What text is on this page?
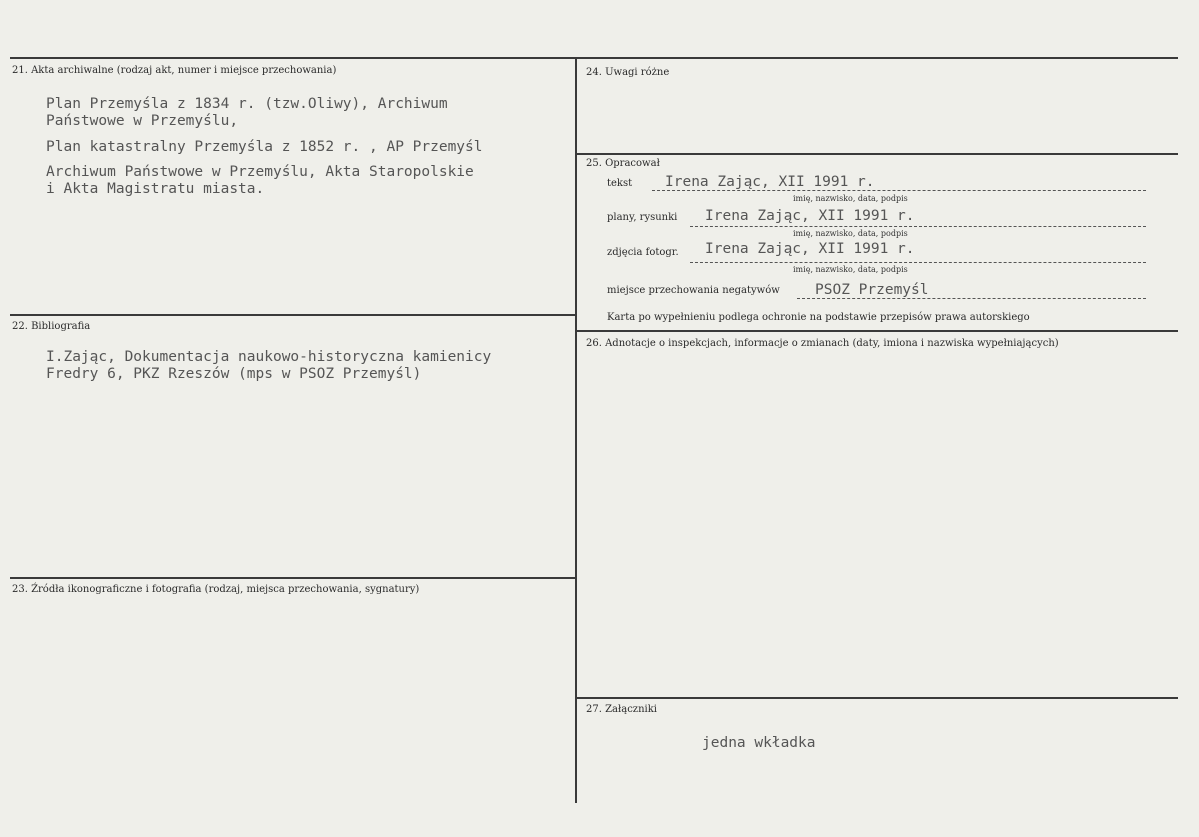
21. Akta archiwalne (rodzaj akt, numer i miejsce przechowania)
Plan Przemyśla z 1834 r. (tzw.Oliwy), Archiwum
Państwowe w Przemyślu,
Plan katastralny Przemyśla z 1852 r. , AP Przemyśl
Archiwum Państwowe w Przemyślu, Akta Staropolskie
i Akta Magistratu miasta.
22. Bibliografia
I.Zając, Dokumentacja naukowo-historyczna kamienicy
Fredry 6, PKZ Rzeszów (mps w PSOZ Przemyśl)
23. Źródła ikonograficzne i fotografia (rodzaj, miejsca przechowania, sygnatury)
24. Uwagi różne
25. Opracował
tekst Irena Zając, XII 1991 r.
imię, nazwisko, data, podpis
plany, rysunki Irena Zając, XII 1991 r.
imię, nazwisko, data, podpis
zdjęcia fotogr. Irena Zając, XII 1991 r.
imię, nazwisko, data, podpis
miejsce przechowania negatywów PSOZ Przemyśl
Karta po wypełnieniu podlega ochronie na podstawie przepisów prawa autorskiego
26. Adnotacje o inspekcjach, informacje o zmianach (daty, imiona i nazwiska wypełniających)
27. Załączniki
jedna wkładka
